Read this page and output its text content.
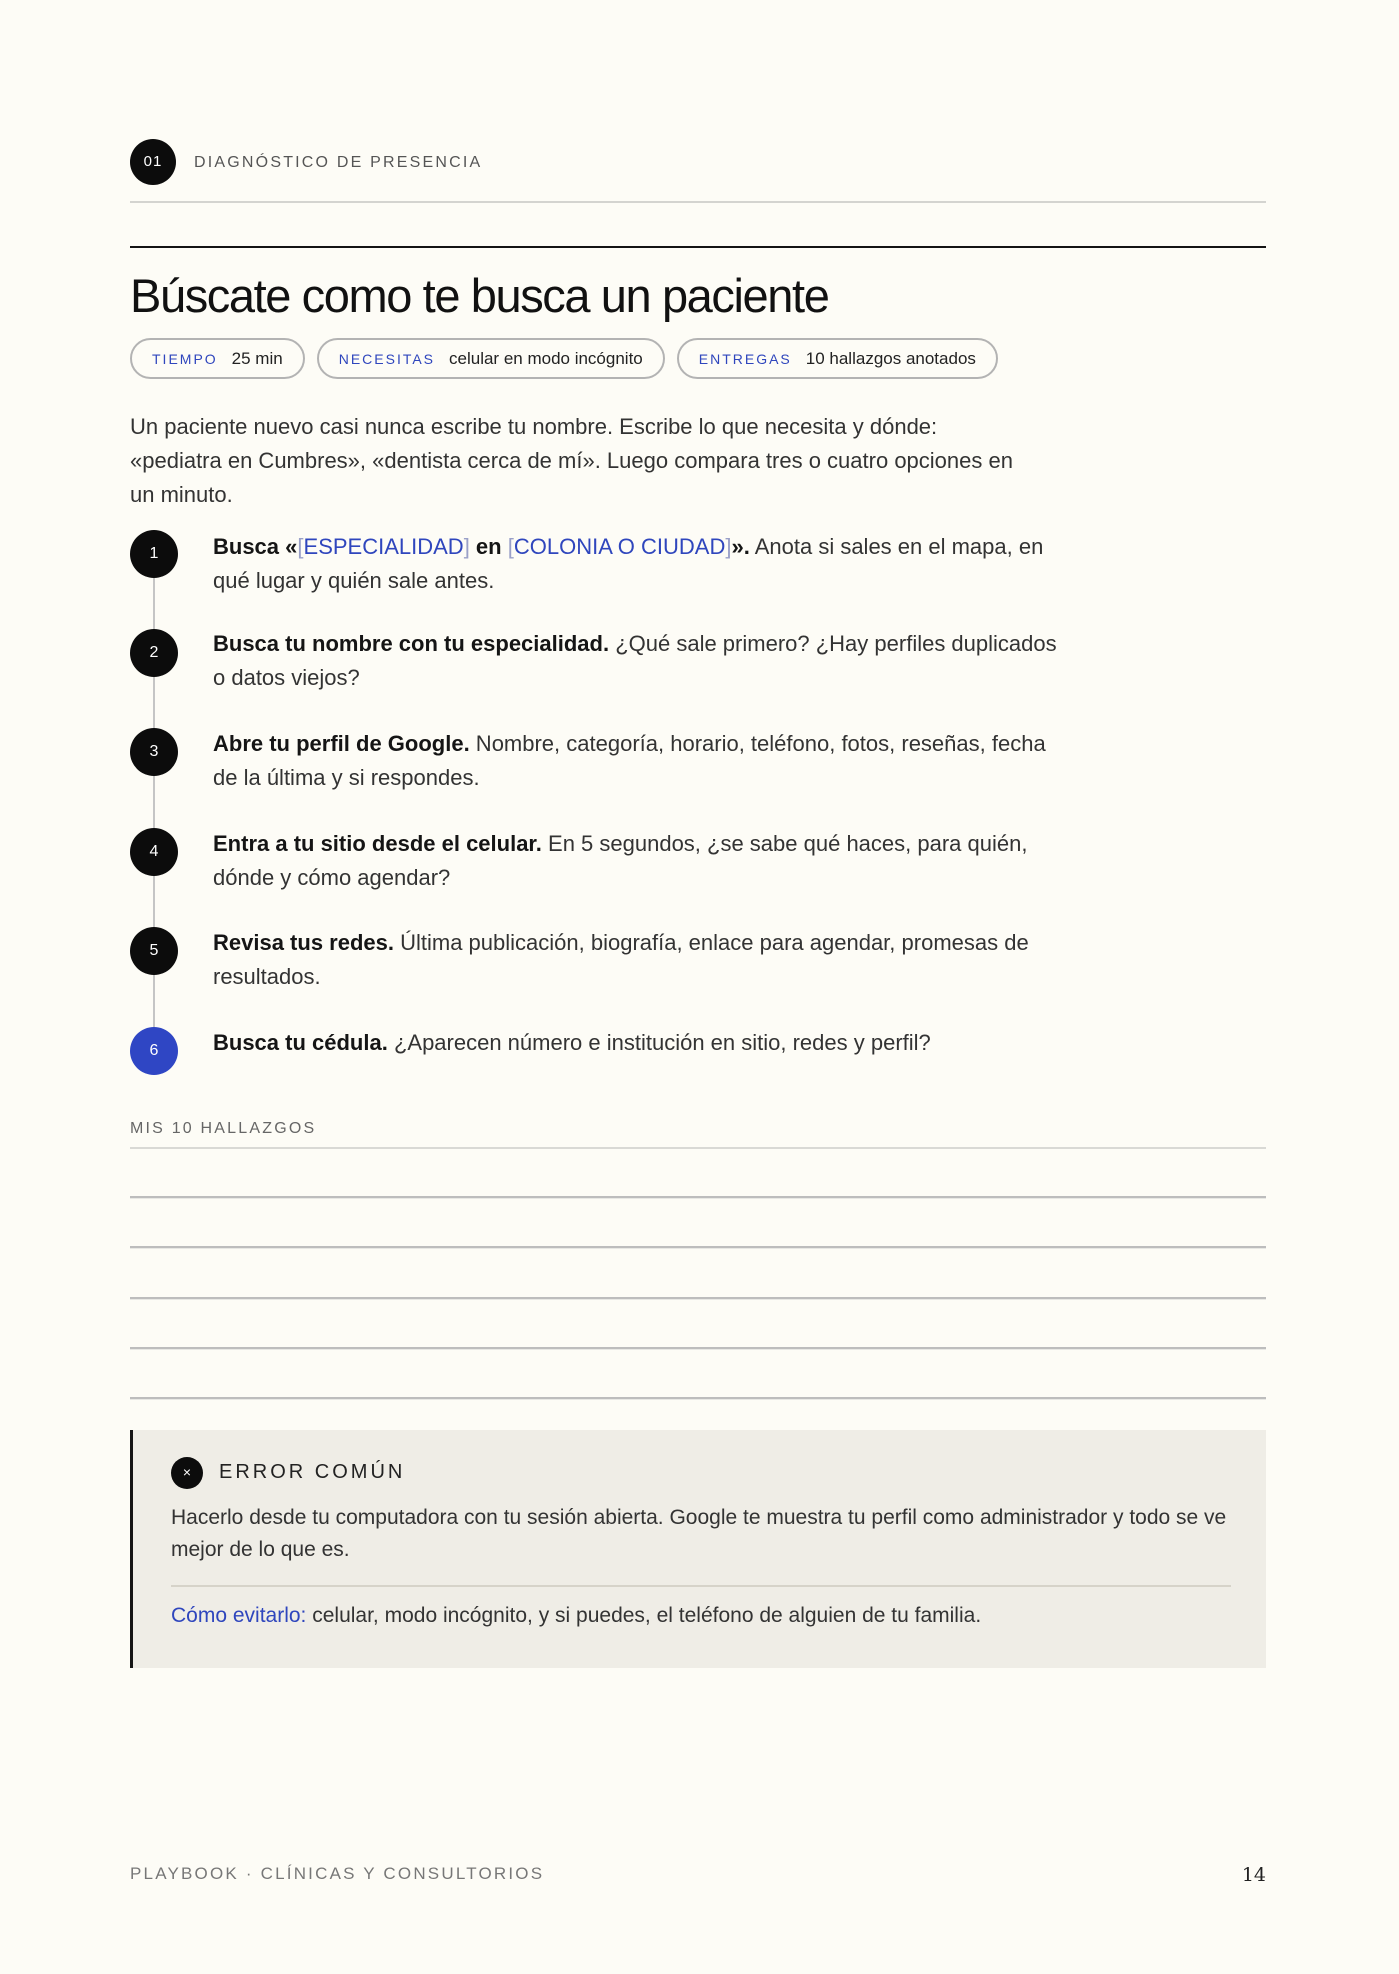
01	DIAGNÓSTICO DE PRESENCIA
Búscate como te busca un paciente
TIEMPO 25 min	NECESITAS celular en modo incógnito	ENTREGAS 10 hallazgos anotados

Un paciente nuevo casi nunca escribe tu nombre. Escribe lo que necesita y dónde: «pediatra en Cumbres», «dentista cerca de mí». Luego compara tres o cuatro opciones en un minuto.

1	Busca «[ESPECIALIDAD] en [COLONIA O CIUDAD]». Anota si sales en el mapa, en qué lugar y quién sale antes.

2	Busca tu nombre con tu especialidad. ¿Qué sale primero? ¿Hay perfiles duplicados o datos viejos?

3	Abre tu perfil de Google. Nombre, categoría, horario, teléfono, fotos, reseñas, fecha de la última y si respondes.

4	Entra a tu sitio desde el celular. En 5 segundos, ¿se sabe qué haces, para quién, dónde y cómo agendar?

5	Revisa tus redes. Última publicación, biografía, enlace para agendar, promesas de resultados.

6	Busca tu cédula. ¿Aparecen número e institución en sitio, redes y perfil?

MIS 10 HALLAZGOS
×	ERROR COMÚN

Hacerlo desde tu computadora con tu sesión abierta. Google te muestra tu perfil como administrador y todo se ve mejor de lo que es.

Cómo evitarlo: celular, modo incógnito, y si puedes, el teléfono de alguien de tu familia.

PLAYBOOK · CLÍNICAS Y CONSULTORIOS	14
